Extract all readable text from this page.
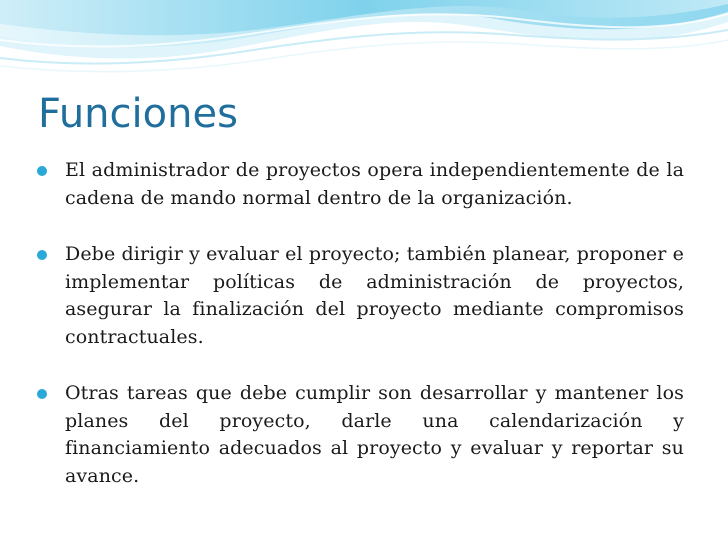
Funciones
El administrador de proyectos opera independientemente de la cadena de mando normal dentro de la organización.
Debe dirigir y evaluar el proyecto; también planear, proponer e implementar políticas de administración de proyectos, asegurar la finalización del proyecto mediante compromisos contractuales.
Otras tareas que debe cumplir son desarrollar y mantener los planes del proyecto, darle una calendarización y financiamiento adecuados al proyecto y evaluar y reportar su avance.
